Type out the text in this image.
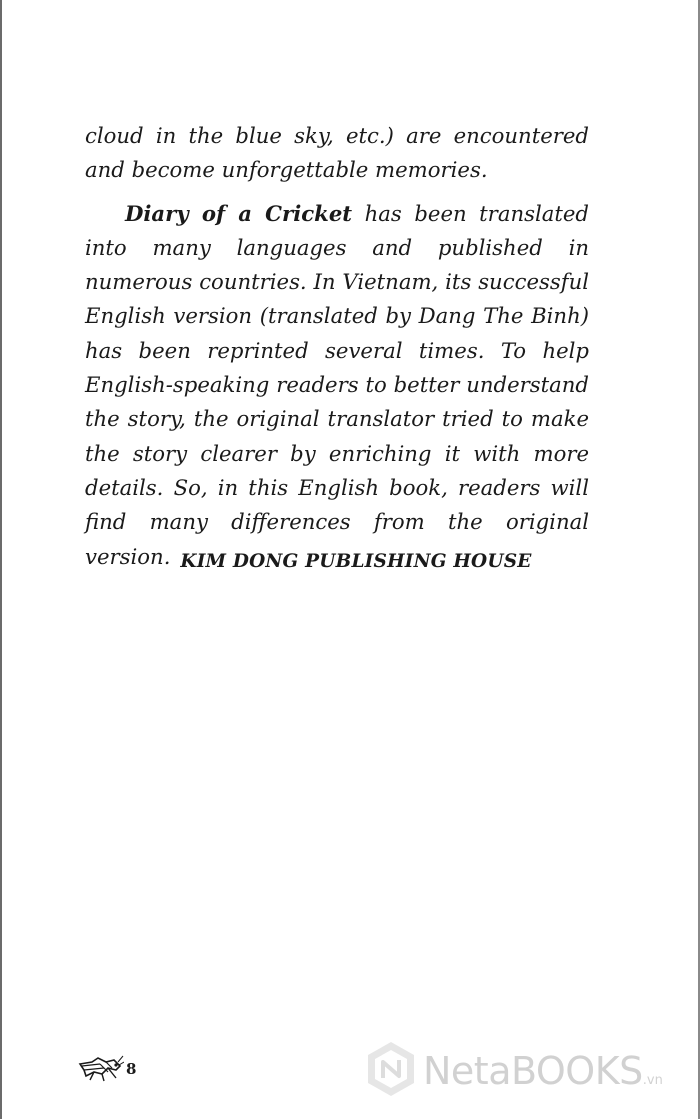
cloud in the blue sky, etc.) are encountered and become unforgettable memories.

Diary of a Cricket has been translated into many languages and published in numerous countries. In Vietnam, its successful English version (translated by Dang The Binh) has been reprinted several times. To help English-speaking readers to better understand the story, the original translator tried to make the story clearer by enriching it with more details. So, in this English book, readers will find many differences from the original version. KIM DONG PUBLISHING HOUSE
8	NetaBOOKS.vn
